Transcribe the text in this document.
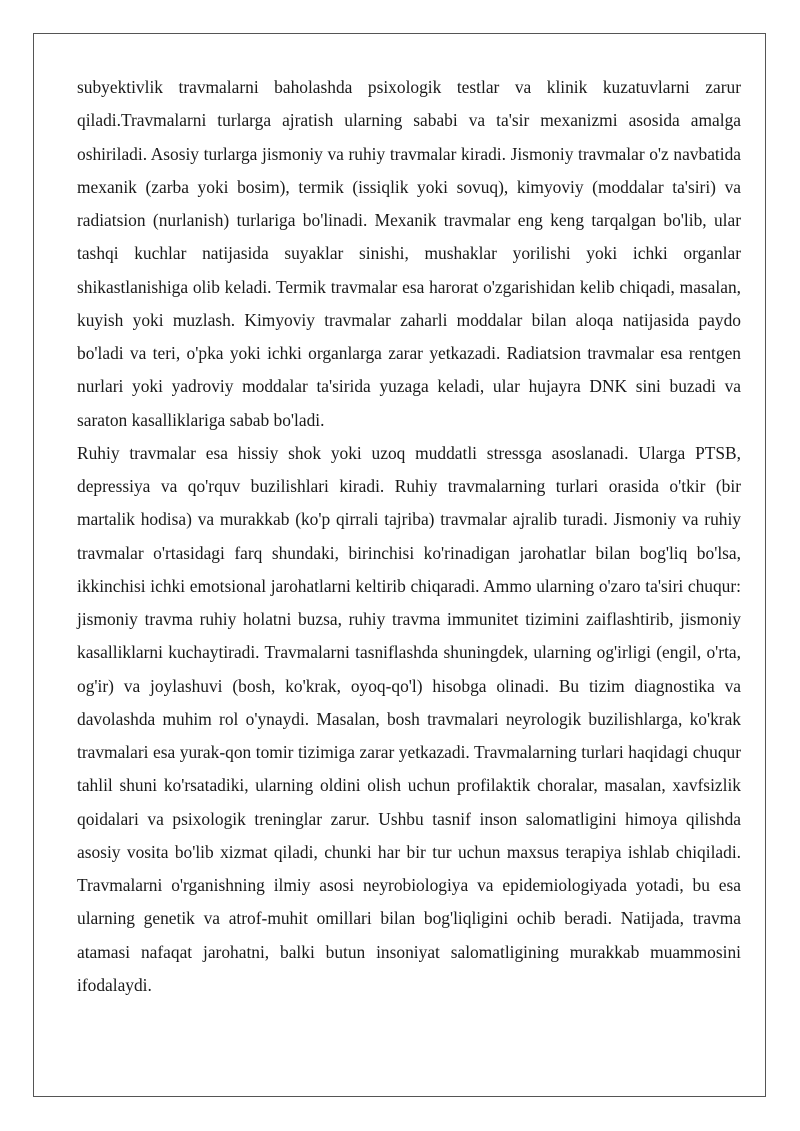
subyektivlik travmalarni baholashda psixologik testlar va klinik kuzatuvlarni zarur qiladi.Travmalarni turlarga ajratish ularning sababi va ta'sir mexanizmi asosida amalga oshiriladi. Asosiy turlarga jismoniy va ruhiy travmalar kiradi. Jismoniy travmalar o'z navbatida mexanik (zarba yoki bosim), termik (issiqlik yoki sovuq), kimyoviy (moddalar ta'siri) va radiatsion (nurlanish) turlariga bo'linadi. Mexanik travmalar eng keng tarqalgan bo'lib, ular tashqi kuchlar natijasida suyaklar sinishi, mushaklar yorilishi yoki ichki organlar shikastlanishiga olib keladi. Termik travmalar esa harorat o'zgarishidan kelib chiqadi, masalan, kuyish yoki muzlash. Kimyoviy travmalar zaharli moddalar bilan aloqa natijasida paydo bo'ladi va teri, o'pka yoki ichki organlarga zarar yetkazadi. Radiatsion travmalar esa rentgen nurlari yoki yadroviy moddalar ta'sirida yuzaga keladi, ular hujayra DNK sini buzadi va saraton kasalliklariga sabab bo'ladi.

Ruhiy travmalar esa hissiy shok yoki uzoq muddatli stressga asoslanadi. Ularga PTSB, depressiya va qo'rquv buzilishlari kiradi. Ruhiy travmalarning turlari orasida o'tkir (bir martalik hodisa) va murakkab (ko'p qirrali tajriba) travmalar ajralib turadi. Jismoniy va ruhiy travmalar o'rtasidagi farq shundaki, birinchisi ko'rinadigan jarohatlar bilan bog'liq bo'lsa, ikkinchisi ichki emotsional jarohatlarni keltirib chiqaradi. Ammo ularning o'zaro ta'siri chuqur: jismoniy travma ruhiy holatni buzsa, ruhiy travma immunitet tizimini zaiflashtirib, jismoniy kasalliklarni kuchaytiradi. Travmalarni tasniflashda shuningdek, ularning og'irligi (engil, o'rta, og'ir) va joylashuvi (bosh, ko'krak, oyoq-qo'l) hisobga olinadi. Bu tizim diagnostika va davolashda muhim rol o'ynaydi. Masalan, bosh travmalari neyrologik buzilishlarga, ko'krak travmalari esa yurak-qon tomir tizimiga zarar yetkazadi. Travmalarning turlari haqidagi chuqur tahlil shuni ko'rsatadiki, ularning oldini olish uchun profilaktik choralar, masalan, xavfsizlik qoidalari va psixologik treninglar zarur. Ushbu tasnif inson salomatligini himoya qilishda asosiy vosita bo'lib xizmat qiladi, chunki har bir tur uchun maxsus terapiya ishlab chiqiladi. Travmalarni o'rganishning ilmiy asosi neyrobiologiya va epidemiologiyada yotadi, bu esa ularning genetik va atrof-muhit omillari bilan bog'liqligini ochib beradi. Natijada, travma atamasi nafaqat jarohatni, balki butun insoniyat salomatligining murakkab muammosini ifodalaydi.
